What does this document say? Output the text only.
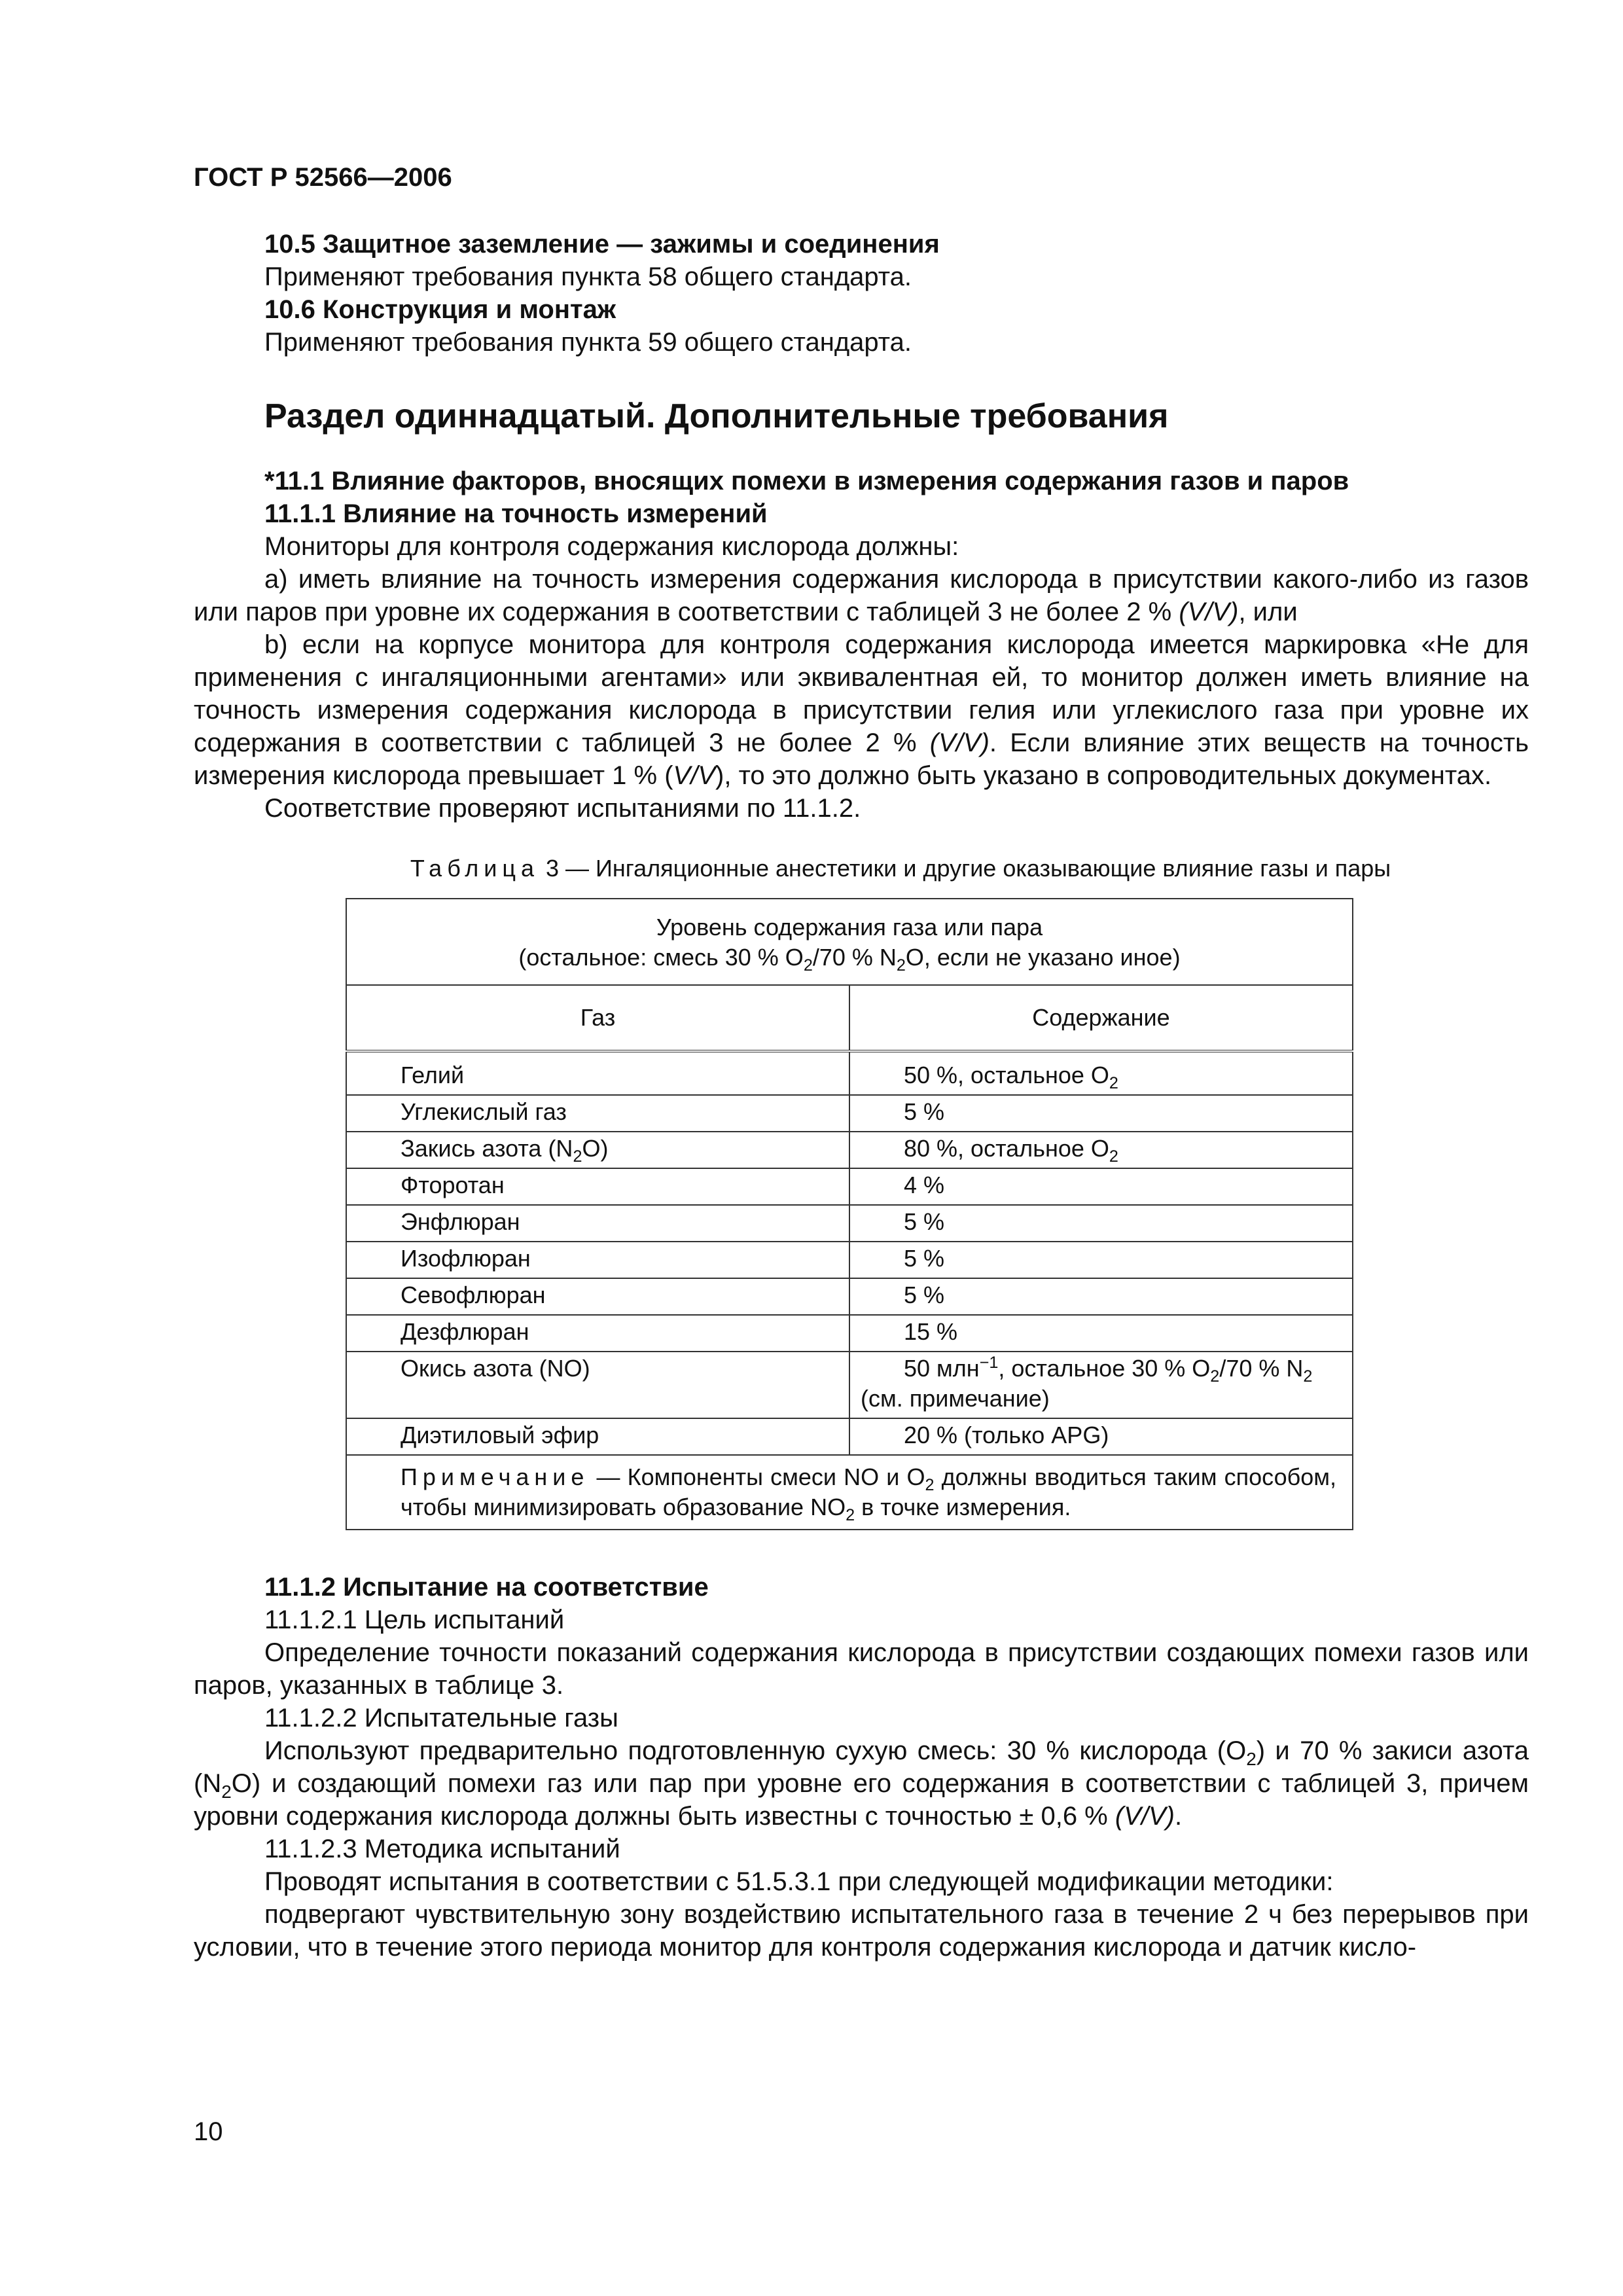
ГОСТ Р 52566—2006

10.5 Защитное заземление — зажимы и соединения

Применяют требования пункта 58 общего стандарта.

10.6 Конструкция и монтаж

Применяют требования пункта 59 общего стандарта.

Раздел одиннадцатый. Дополнительные требования

*11.1 Влияние факторов, вносящих помехи в измерения содержания газов и паров

11.1.1 Влияние на точность измерений

Мониторы для контроля содержания кислорода должны:

a) иметь влияние на точность измерения содержания кислорода в присутствии какого-либо из газов или паров при уровне их содержания в соответствии с таблицей 3 не более 2 % (V/V), или

b) если на корпусе монитора для контроля содержания кислорода имеется маркировка «Не для применения с ингаляционными агентами» или эквивалентная ей, то монитор должен иметь влияние на точность измерения содержания кислорода в присутствии гелия или углекислого газа при уровне их содержания в соответствии с таблицей 3 не более 2 % (V/V). Если влияние этих веществ на точность измерения кислорода превышает 1 % (V/V), то это должно быть указано в сопроводительных документах.

Соответствие проверяют испытаниями по 11.1.2.

Таблица 3 — Ингаляционные анестетики и другие оказывающие влияние газы и пары
Уровень содержания газа или пара
(остальное: смесь 30 % $O_2/70$ % $N_2O$, если не указано иное)	
Газ	Содержание
Гелий	50 %, остальное $O_2$
Углекислый газ	5 %
Закись азота $(N_2O)$	80 %, остальное $O_2$
Фторотан	4 %
Энфлюран	5 %
Изофлюран	5 %
Севофлюран	5 %
Дезфлюран	15 %
Окись азота (NO)	50 млн$^{-1}$, остальное 30 % $O_2/70$ % $N_2$
(см. примечание)
Диэтиловый эфир	20 % (только APG)
Примечание — Компоненты смеси NO и $O_2$ должны вводиться таким способом, чтобы минимизировать образование $NO_2$ в точке измерения.	

11.1.2 Испытание на соответствие

11.1.2.1 Цель испытаний

Определение точности показаний содержания кислорода в присутствии создающих помехи газов или паров, указанных в таблице 3.

11.1.2.2 Испытательные газы

Используют предварительно подготовленную сухую смесь: 30 % кислорода $(O_2)$ и 70 % закиси азота $(N_2O)$ и создающий помехи газ или пар при уровне его содержания в соответствии с таблицей 3, причем уровни содержания кислорода должны быть известны с точностью ± 0,6 % (V/V).

11.1.2.3 Методика испытаний

Проводят испытания в соответствии с 51.5.3.1 при следующей модификации методики:

подвергают чувствительную зону воздействию испытательного газа в течение 2 ч без перерывов при условии, что в течение этого периода монитор для контроля содержания кислорода и датчик кисло-

10
